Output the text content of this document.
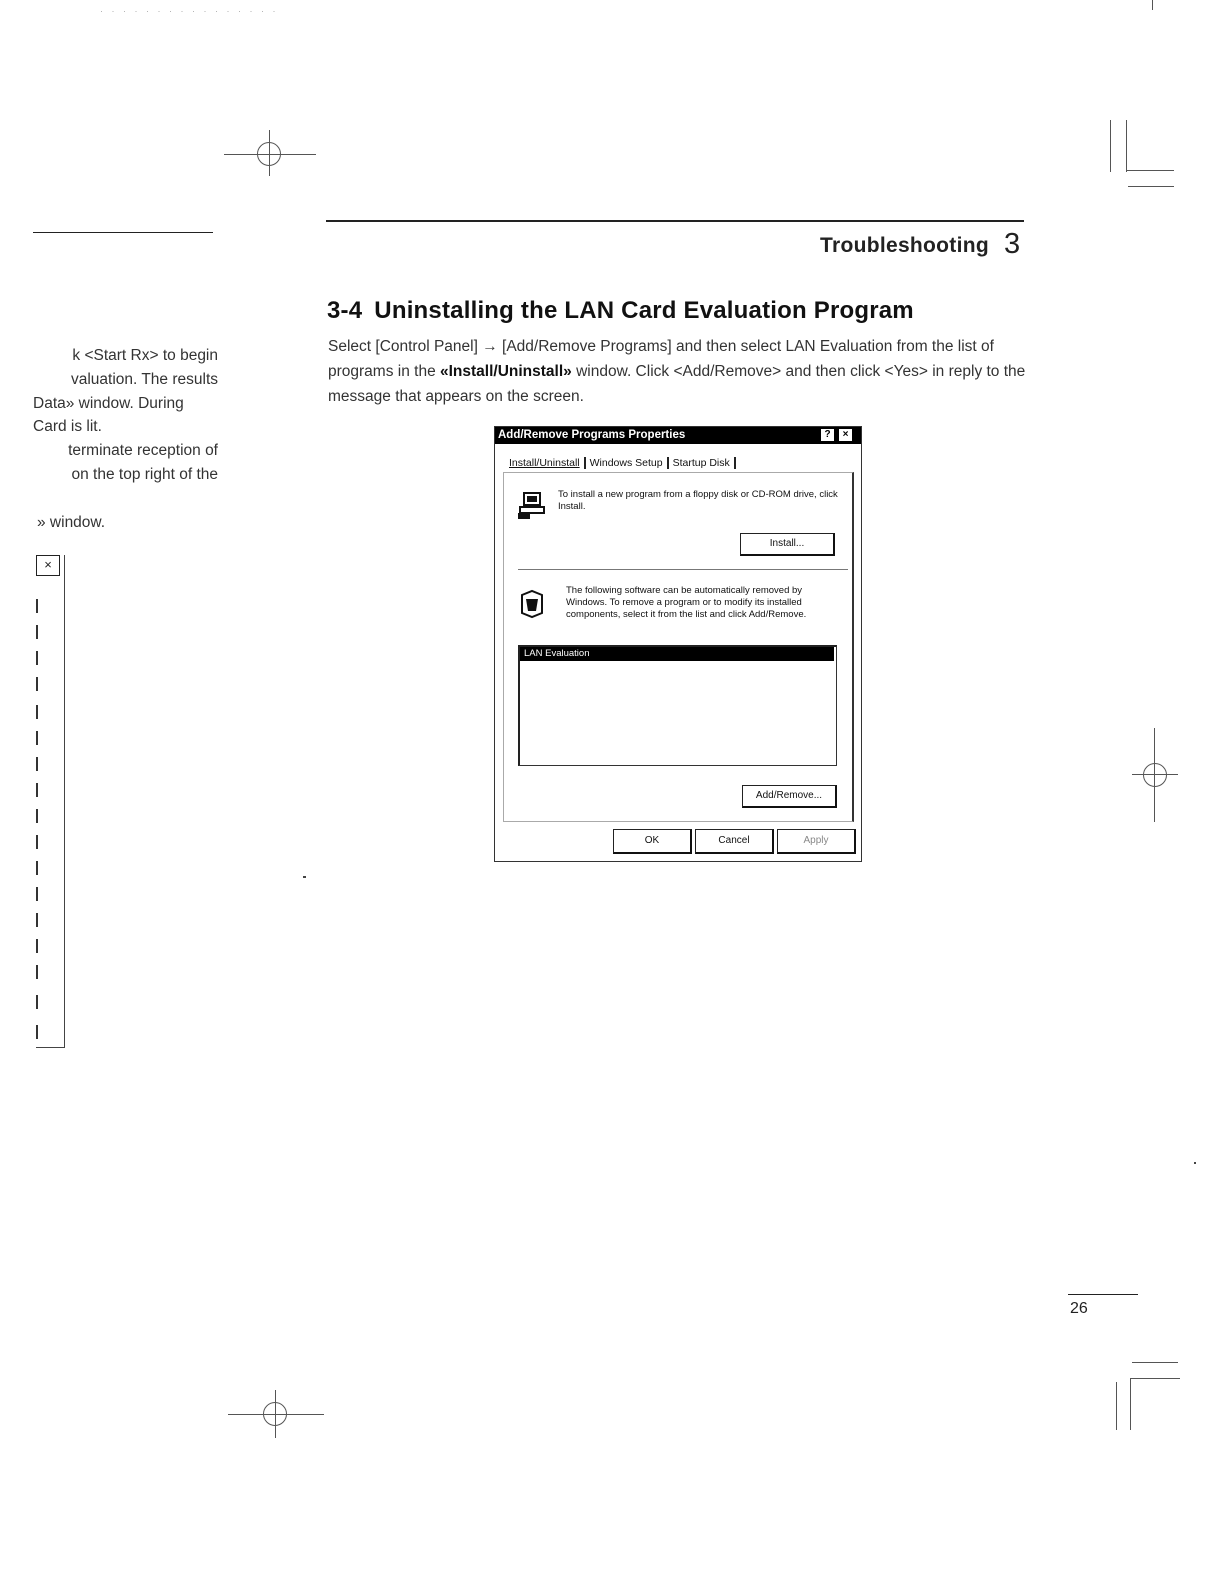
· · · · · · · · · · · · · · · ·
Troubleshooting 3
3-4 Uninstalling the LAN Card Evaluation Program
Select [Control Panel] → [Add/Remove Programs] and then select LAN Evaluation from the list of programs in the «Install/Uninstall» window. Click <Add/Remove> and then click <Yes> in reply to the message that appears on the screen.
k <Start Rx> to begin
valuation. The results
Data» window. During
Card is lit.
terminate reception of
on the top right of the

» window.
×
Add/Remove Programs Properties	?	×
Install/Uninstall Windows Setup Startup Disk
To install a new program from a floppy disk or CD-ROM drive, click Install.
Install...
The following software can be automatically removed by Windows. To remove a program or to modify its installed components, select it from the list and click Add/Remove.
LAN Evaluation
Add/Remove...
OK	Cancel	Apply
26
